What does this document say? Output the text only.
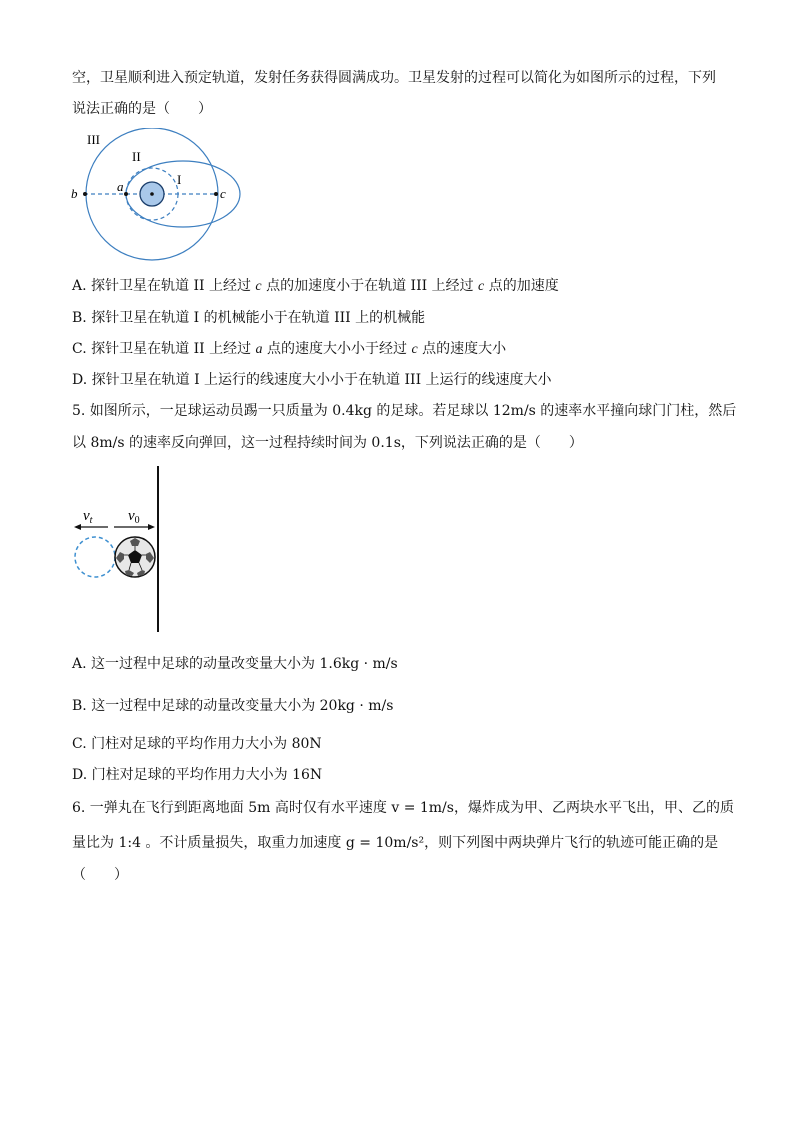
空，卫星顺利进入预定轨道，发射任务获得圆满成功。卫星发射的过程可以简化为如图所示的过程，下列
说法正确的是（　　）
III
II
I
b	a	c
A. 探针卫星在轨道 II 上经过 c 点的加速度小于在轨道 III 上经过 c 点的加速度
B. 探针卫星在轨道 I 的机械能小于在轨道 III 上的机械能
C. 探针卫星在轨道 II 上经过 a 点的速度大小小于经过 c 点的速度大小
D. 探针卫星在轨道 I 上运行的线速度大小小于在轨道 III 上运行的线速度大小
5. 如图所示，一足球运动员踢一只质量为 0.4kg 的足球。若足球以 12m/s 的速率水平撞向球门门柱，然后
以 8m/s 的速率反向弹回，这一过程持续时间为 0.1s，下列说法正确的是（　　）
$v_t$ $v_0$
A. 这一过程中足球的动量改变量大小为 1.6kg · m/s
B. 这一过程中足球的动量改变量大小为 20kg · m/s
C. 门柱对足球的平均作用力大小为 80N
D. 门柱对足球的平均作用力大小为 16N
6. 一弹丸在飞行到距离地面 5m 高时仅有水平速度 v = 1m/s，爆炸成为甲、乙两块水平飞出，甲、乙的质
量比为 1:4 。不计质量损失，取重力加速度 g = 10m/s²，则下列图中两块弹片飞行的轨迹可能正确的是
（　　）
